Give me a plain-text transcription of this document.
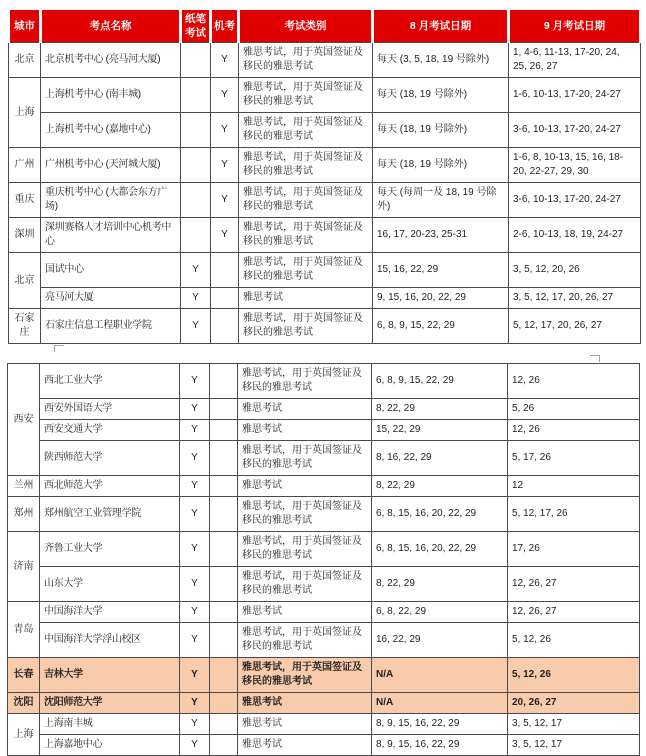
城市	考点名称	纸笔考试	机考	考试类别	8 月考试日期	9 月考试日期
北京	北京机考中心 (亮马河大厦)		Y	雅思考试，用于英国签证及移民的雅思考试	每天 (3, 5, 18, 19 号除外)	1, 4-6, 11-13, 17-20, 24, 25, 26, 27
上海	上海机考中心 (南丰城)		Y	雅思考试，用于英国签证及移民的雅思考试	每天 (18, 19 号除外)	1-6, 10-13, 17-20, 24-27
	上海机考中心 (嘉地中心)		Y	雅思考试，用于英国签证及移民的雅思考试	每天 (18, 19 号除外)	3-6, 10-13, 17-20, 24-27
广州	广州机考中心 (天河城大厦)		Y	雅思考试，用于英国签证及移民的雅思考试	每天 (18, 19 号除外)	1-6, 8, 10-13, 15, 16, 18-20, 22-27, 29, 30
重庆	重庆机考中心 (大都会东方广场)		Y	雅思考试，用于英国签证及移民的雅思考试	每天 (每周一及 18, 19 号除外)	3-6, 10-13, 17-20, 24-27
深圳	深圳赛格人才培训中心机考中心		Y	雅思考试，用于英国签证及移民的雅思考试	16, 17, 20-23, 25-31	2-6, 10-13, 18, 19, 24-27
北京	国试中心	Y		雅思考试，用于英国签证及移民的雅思考试	15, 16, 22, 29	3, 5, 12, 20, 26
	亮马河大厦	Y		雅思考试	9, 15, 16, 20, 22, 29	3, 5, 12, 17, 20, 26, 27
石家庄	石家庄信息工程职业学院	Y		雅思考试，用于英国签证及移民的雅思考试	6, 8, 9, 15, 22, 29	5, 12, 17, 20, 26, 27
西安	西北工业大学	Y		雅思考试，用于英国签证及移民的雅思考试	6, 8, 9, 15, 22, 29	12, 26
	西安外国语大学	Y		雅思考试	8, 22, 29	5, 26
	西安交通大学	Y		雅思考试	15, 22, 29	12, 26
	陕西师范大学	Y		雅思考试，用于英国签证及移民的雅思考试	8, 16, 22, 29	5, 17, 26
兰州	西北师范大学	Y		雅思考试	8, 22, 29	12
郑州	郑州航空工业管理学院	Y		雅思考试，用于英国签证及移民的雅思考试	6, 8, 15, 16, 20, 22, 29	5, 12, 17, 26
济南	齐鲁工业大学	Y		雅思考试，用于英国签证及移民的雅思考试	6, 8, 15, 16, 20, 22, 29	17, 26
	山东大学	Y		雅思考试，用于英国签证及移民的雅思考试	8, 22, 29	12, 26, 27
青岛	中国海洋大学	Y		雅思考试	6, 8, 22, 29	12, 26, 27
	中国海洋大学浮山校区	Y		雅思考试，用于英国签证及移民的雅思考试	16, 22, 29	5, 12, 26
长春	吉林大学	Y		雅思考试，用于英国签证及移民的雅思考试	N/A	5, 12, 26
沈阳	沈阳师范大学	Y		雅思考试	N/A	20, 26, 27
上海	上海南丰城	Y		雅思考试	8, 9, 15, 16, 22, 29	3, 5, 12, 17
	上海嘉地中心	Y		雅思考试	8, 9, 15, 16, 22, 29	3, 5, 12, 17
